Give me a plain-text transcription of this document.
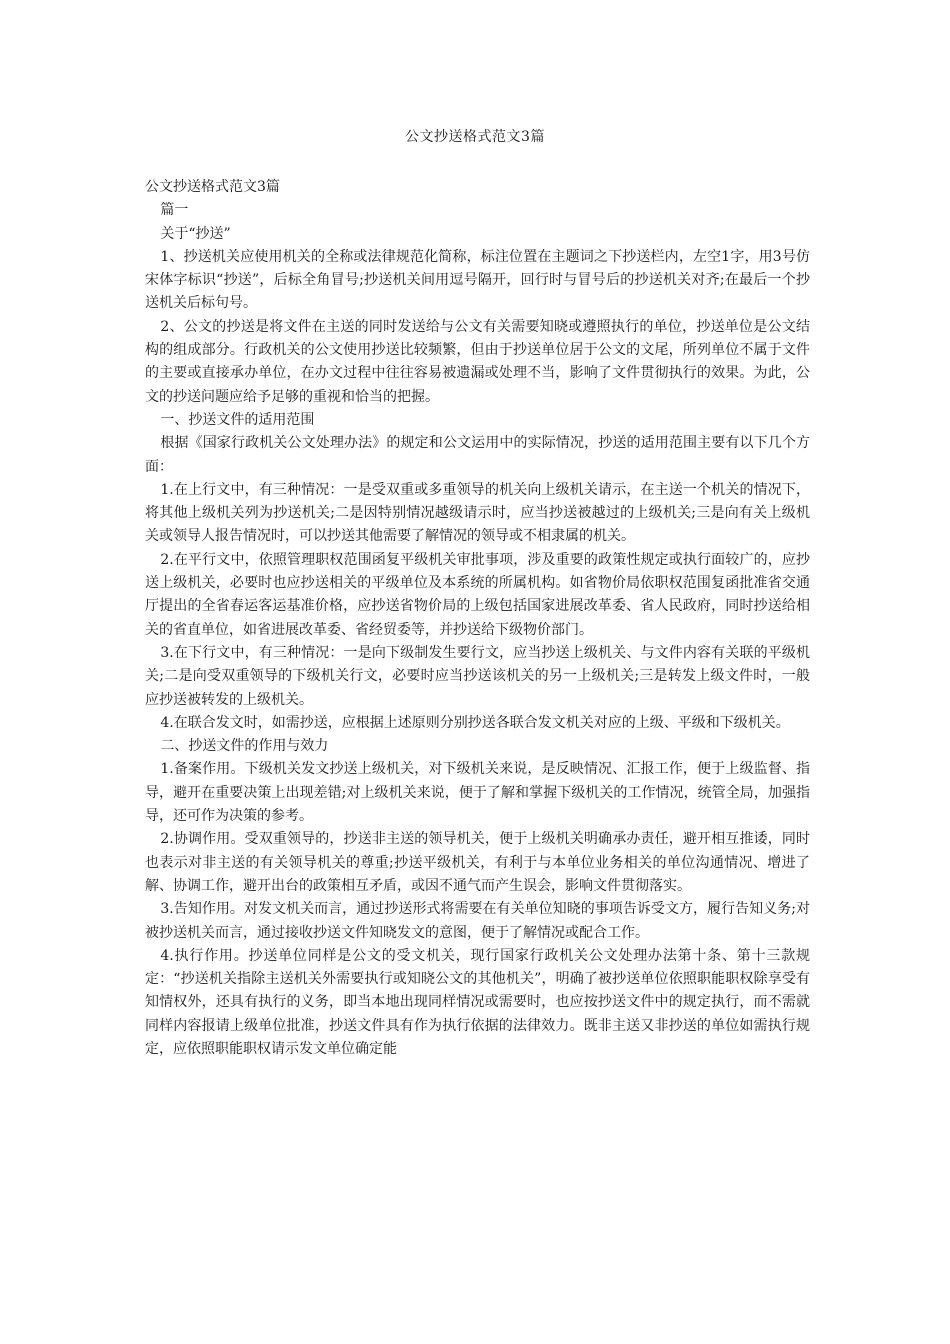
公文抄送格式范文3篇

公文抄送格式范文3篇

篇一

关于“抄送”

1、抄送机关应使用机关的全称或法律规范化简称，标注位置在主题词之下抄送栏内，左空1字，用3号仿宋体字标识“抄送”，后标全角冒号;抄送机关间用逗号隔开，回行时与冒号后的抄送机关对齐;在最后一个抄送机关后标句号。

2、公文的抄送是将文件在主送的同时发送给与公文有关需要知晓或遵照执行的单位，抄送单位是公文结构的组成部分。行政机关的公文使用抄送比较频繁，但由于抄送单位居于公文的文尾，所列单位不属于文件的主要或直接承办单位，在办文过程中往往容易被遗漏或处理不当，影响了文件贯彻执行的效果。为此，公文的抄送问题应给予足够的重视和恰当的把握。

一、抄送文件的适用范围

根据《国家行政机关公文处理办法》的规定和公文运用中的实际情况，抄送的适用范围主要有以下几个方面：

1.在上行文中，有三种情况：一是受双重或多重领导的机关向上级机关请示，在主送一个机关的情况下，将其他上级机关列为抄送机关;二是因特别情况越级请示时，应当抄送被越过的上级机关;三是向有关上级机关或领导人报告情况时，可以抄送其他需要了解情况的领导或不相隶属的机关。

2.在平行文中，依照管理职权范围函复平级机关审批事项，涉及重要的政策性规定或执行面较广的，应抄送上级机关，必要时也应抄送相关的平级单位及本系统的所属机构。如省物价局依职权范围复函批准省交通厅提出的全省春运客运基准价格，应抄送省物价局的上级包括国家进展改革委、省人民政府，同时抄送给相关的省直单位，如省进展改革委、省经贸委等，并抄送给下级物价部门。

3.在下行文中，有三种情况：一是向下级制发生要行文，应当抄送上级机关、与文件内容有关联的平级机关;二是向受双重领导的下级机关行文，必要时应当抄送该机关的另一上级机关;三是转发上级文件时，一般应抄送被转发的上级机关。

4.在联合发文时，如需抄送，应根据上述原则分别抄送各联合发文机关对应的上级、平级和下级机关。

二、抄送文件的作用与效力

1.备案作用。下级机关发文抄送上级机关，对下级机关来说，是反映情况、汇报工作，便于上级监督、指导，避开在重要决策上出现差错;对上级机关来说，便于了解和掌握下级机关的工作情况，统管全局，加强指导，还可作为决策的参考。

2.协调作用。受双重领导的，抄送非主送的领导机关，便于上级机关明确承办责任，避开相互推诿，同时也表示对非主送的有关领导机关的尊重;抄送平级机关，有利于与本单位业务相关的单位沟通情况、增进了解、协调工作，避开出台的政策相互矛盾，或因不通气而产生误会，影响文件贯彻落实。

3.告知作用。对发文机关而言，通过抄送形式将需要在有关单位知晓的事项告诉受文方，履行告知义务;对被抄送机关而言，通过接收抄送文件知晓发文的意图，便于了解情况或配合工作。

4.执行作用。抄送单位同样是公文的受文机关，现行国家行政机关公文处理办法第十条、第十三款规定：“抄送机关指除主送机关外需要执行或知晓公文的其他机关”，明确了被抄送单位依照职能职权除享受有知情权外，还具有执行的义务，即当本地出现同样情况或需要时，也应按抄送文件中的规定执行，而不需就同样内容报请上级单位批准，抄送文件具有作为执行依据的法律效力。既非主送又非抄送的单位如需执行规定，应依照职能职权请示发文单位确定能
